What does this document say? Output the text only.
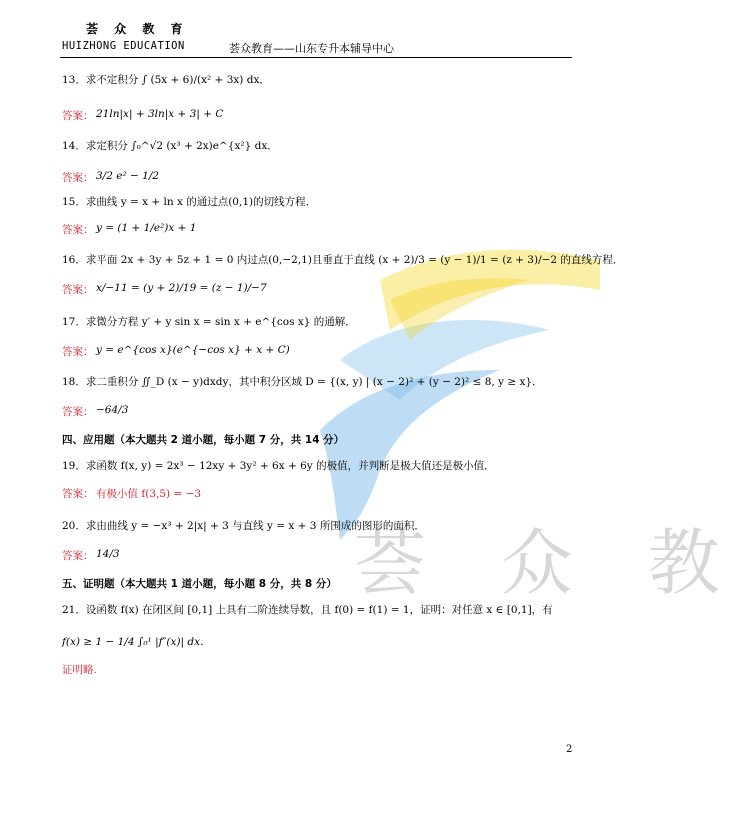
荟 众 教 育
HUIZHONG EDUCATION	荟众教育——山东专升本辅导中心
荟 众 教
13．求不定积分 ∫ (5x + 6)/(x² + 3x) dx．
答案： 21ln|x| + 3ln|x + 3| + C
14．求定积分 ∫₀^√2 (x³ + 2x)e^{x²} dx．
答案： 3/2 e² − 1/2
15．求曲线 y = x + ln x 的通过点(0,1)的切线方程．
答案： y = (1 + 1/e²)x + 1
16．求平面 2x + 3y + 5z + 1 = 0 内过点(0,−2,1)且垂直于直线 (x + 2)/3 = (y − 1)/1 = (z + 3)/−2 的直线方程．
答案： x/−11 = (y + 2)/19 = (z − 1)/−7
17．求微分方程 y′ + y sin x = sin x + e^{cos x} 的通解．
答案： y = e^{cos x}(e^{−cos x} + x + C)
18．求二重积分 ∬_D (x − y)dxdy，其中积分区域 D = {(x, y) | (x − 2)² + (y − 2)² ≤ 8, y ≥ x}．
答案： −64/3
四、应用题（本大题共 2 道小题，每小题 7 分，共 14 分）
19．求函数 f(x, y) = 2x³ − 12xy + 3y² + 6x + 6y 的极值，并判断是极大值还是极小值．
答案： 有极小值 f(3,5) = −3
20．求由曲线 y = −x³ + 2|x| + 3 与直线 y = x + 3 所围成的图形的面积．
答案： 14/3
五、证明题（本大题共 1 道小题，每小题 8 分，共 8 分）
21．设函数 f(x) 在闭区间 [0,1] 上具有二阶连续导数，且 f(0) = f(1) = 1，证明：对任意 x ∈ [0,1]，有
f(x) ≥ 1 − 1/4 ∫₀¹ |f″(x)| dx．
证明略.
2
